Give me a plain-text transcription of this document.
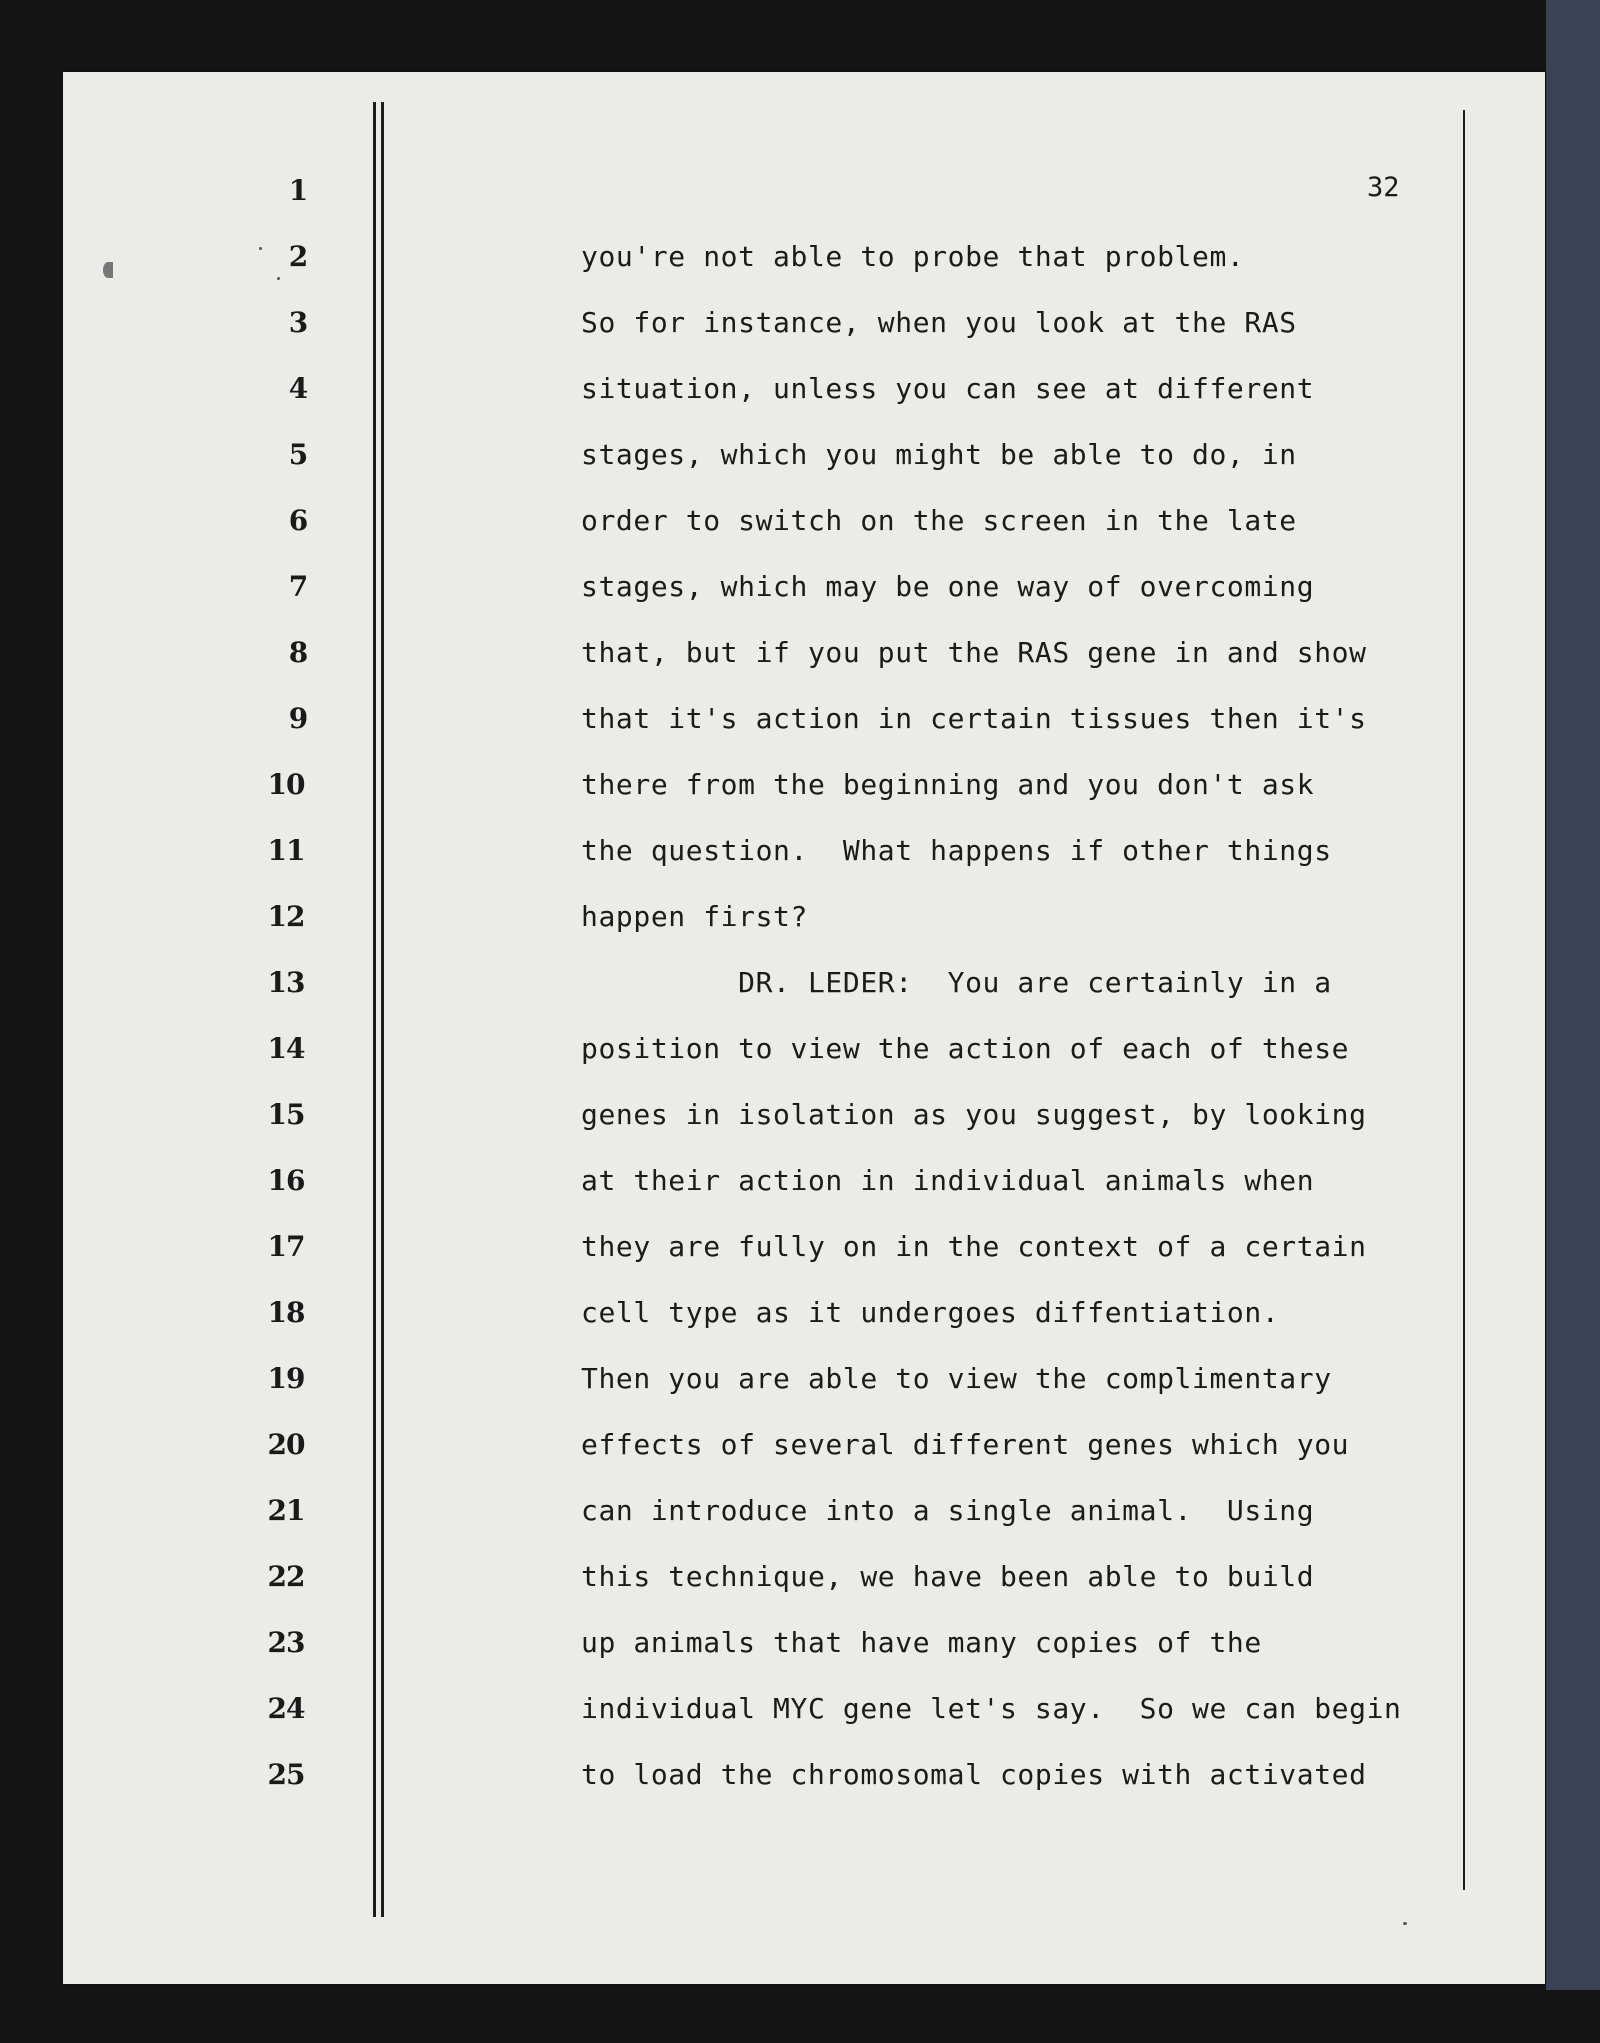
32
1
2
3
4
5
6
7
8
9
10
11
12
13
14
15
16
17
18
19
20
21
22
23
24
25
you're not able to probe that problem.
So for instance, when you look at the RAS
situation, unless you can see at different
stages, which you might be able to do, in
order to switch on the screen in the late
stages, which may be one way of overcoming
that, but if you put the RAS gene in and show
that it's action in certain tissues then it's
there from the beginning and you don't ask
the question.  What happens if other things
happen first?
DR. LEDER:  You are certainly in a
position to view the action of each of these
genes in isolation as you suggest, by looking
at their action in individual animals when
they are fully on in the context of a certain
cell type as it undergoes diffentiation.
Then you are able to view the complimentary
effects of several different genes which you
can introduce into a single animal.  Using
this technique, we have been able to build
up animals that have many copies of the
individual MYC gene let's say.  So we can begin
to load the chromosomal copies with activated
